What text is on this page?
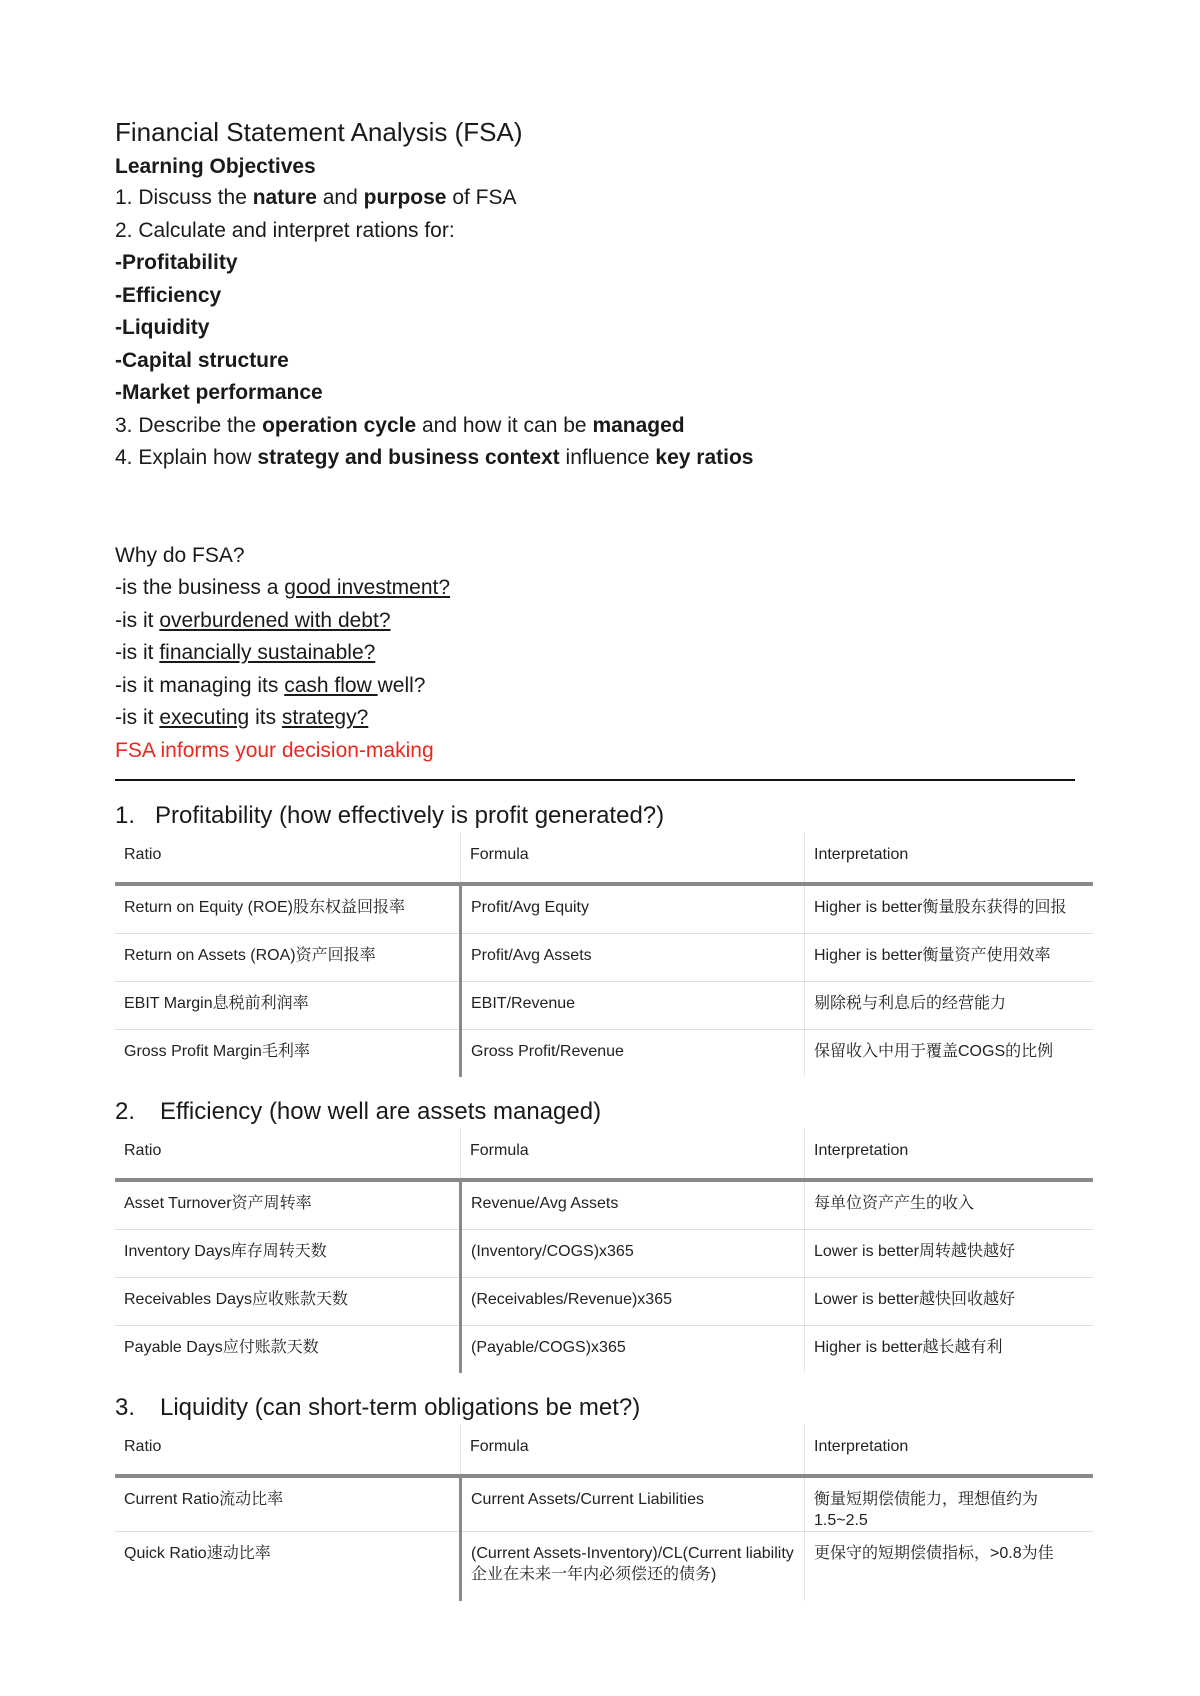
Financial Statement Analysis (FSA)
Learning Objectives
1. Discuss the nature and purpose of FSA
2. Calculate and interpret rations for:
-Profitability
-Efficiency
-Liquidity
-Capital structure
-Market performance
3. Describe the operation cycle and how it can be managed
4. Explain how strategy and business context influence key ratios
Why do FSA?
-is the business a good investment?
-is it overburdened with debt?
-is it financially sustainable?
-is it managing its cash flow well?
-is it executing its strategy?
FSA informs your decision-making
1. Profitability (how effectively is profit generated?)
Ratio	Formula	Interpretation
Return on Equity (ROE)股东权益回报率	Profit/Avg Equity	Higher is better衡量股东获得的回报
Return on Assets (ROA)资产回报率	Profit/Avg Assets	Higher is better衡量资产使用效率
EBIT Margin息税前利润率	EBIT/Revenue	剔除税与利息后的经营能力
Gross Profit Margin毛利率	Gross Profit/Revenue	保留收入中用于覆盖COGS的比例
2.	Efficiency (how well are assets managed)
Ratio	Formula	Interpretation
Asset Turnover资产周转率	Revenue/Avg Assets	每单位资产产生的收入
Inventory Days库存周转天数	(Inventory/COGS)x365	Lower is better周转越快越好
Receivables Days应收账款天数	(Receivables/Revenue)x365	Lower is better越快回收越好
Payable Days应付账款天数	(Payable/COGS)x365	Higher is better越长越有利
3.	Liquidity (can short-term obligations be met?)
Ratio	Formula	Interpretation
Current Ratio流动比率	Current Assets/Current Liabilities	衡量短期偿债能力，理想值约为1.5~2.5
Quick Ratio速动比率	(Current Assets-Inventory)/CL(Current liability企业在未来一年内必须偿还的债务)	更保守的短期偿债指标，>0.8为佳
